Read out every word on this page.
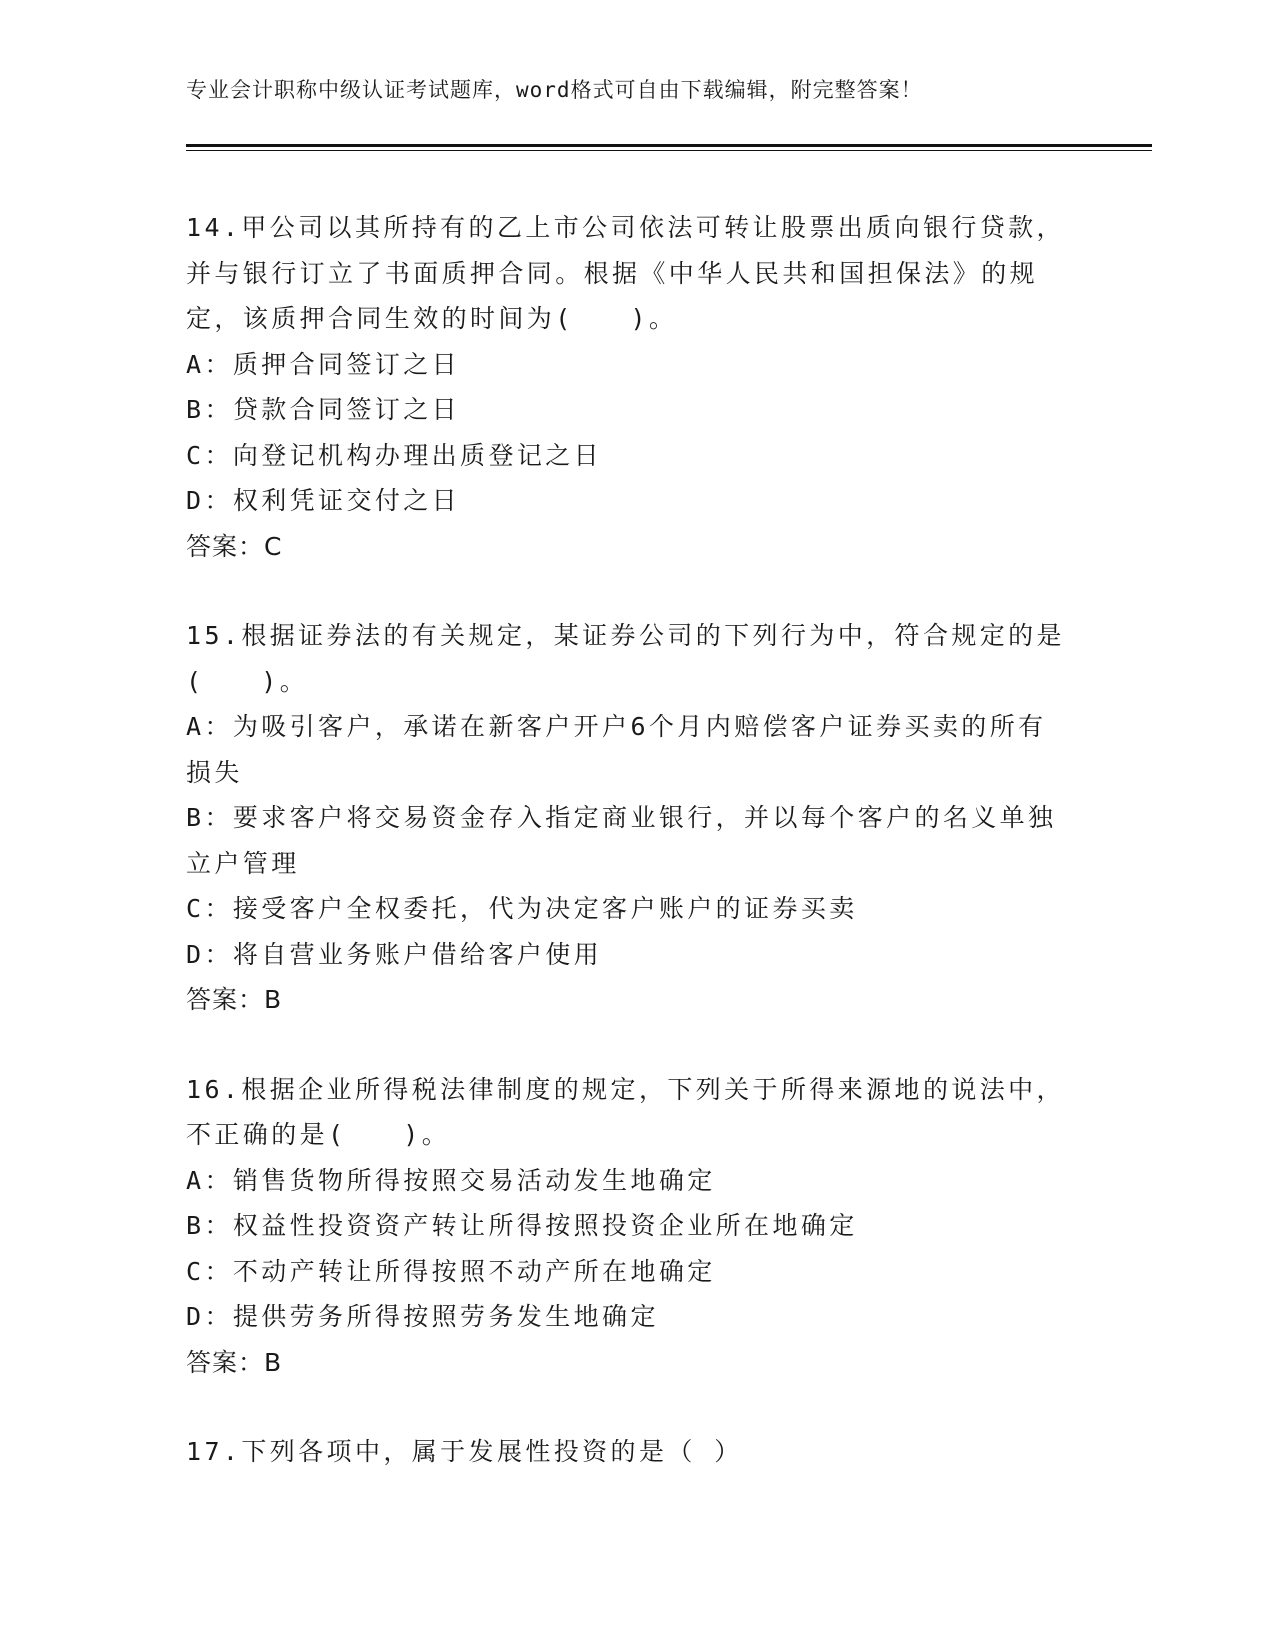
专业会计职称中级认证考试题库，word格式可自由下载编辑，附完整答案！
14.甲公司以其所持有的乙上市公司依法可转让股票出质向银行贷款，
并与银行订立了书面质押合同。根据《中华人民共和国担保法》的规
定，该质押合同生效的时间为(　　)。
A：质押合同签订之日
B：贷款合同签订之日
C：向登记机构办理出质登记之日
D：权利凭证交付之日
答案：C
15.根据证券法的有关规定，某证券公司的下列行为中，符合规定的是
(　　)。
A：为吸引客户，承诺在新客户开户6个月内赔偿客户证券买卖的所有
损失
B：要求客户将交易资金存入指定商业银行，并以每个客户的名义单独
立户管理
C：接受客户全权委托，代为决定客户账户的证券买卖
D：将自营业务账户借给客户使用
答案：B
16.根据企业所得税法律制度的规定，下列关于所得来源地的说法中，
不正确的是(　　)。
A：销售货物所得按照交易活动发生地确定
B：权益性投资资产转让所得按照投资企业所在地确定
C：不动产转让所得按照不动产所在地确定
D：提供劳务所得按照劳务发生地确定
答案：B
17.下列各项中，属于发展性投资的是（ ）
